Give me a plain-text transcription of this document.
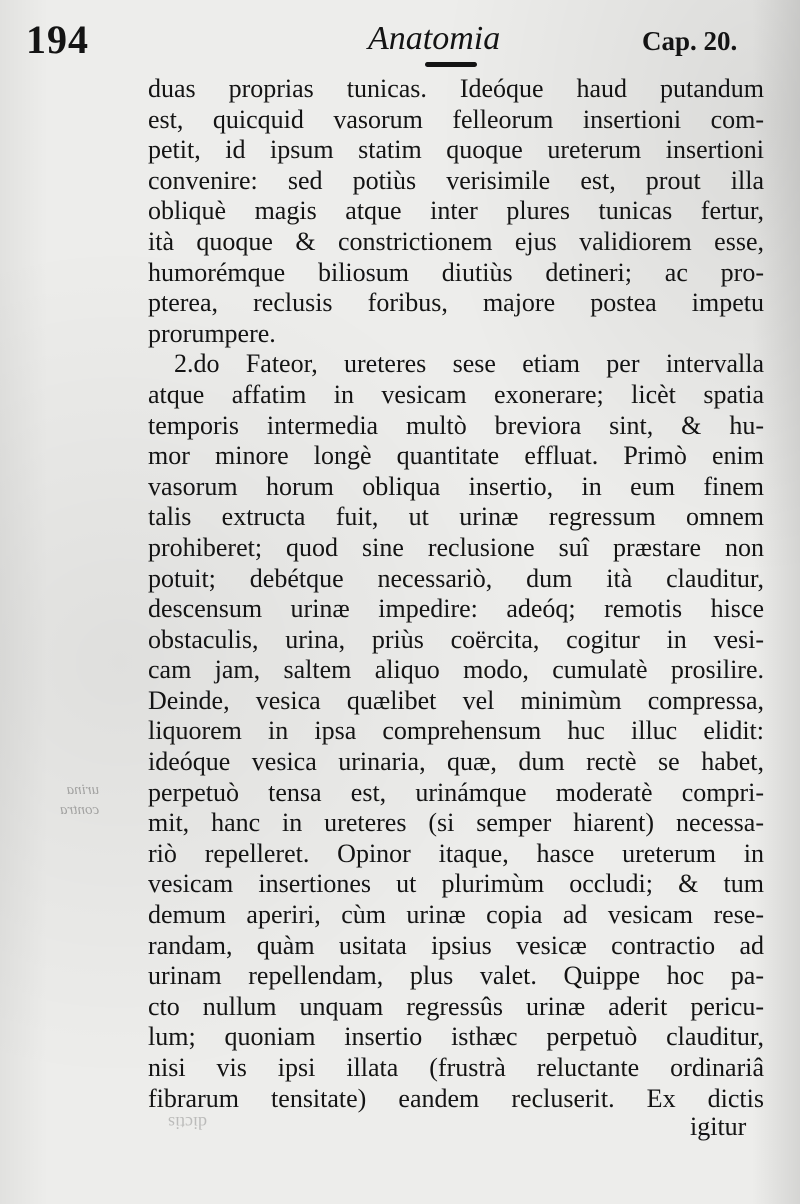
urina
contra
dictis
194	Anatomia	Cap. 20.
duas proprias tunicas. Ideóque haud putandum
est, quicquid vasorum felleorum insertioni com-
petit, id ipsum statim quoque ureterum insertioni
convenire: sed potiùs verisimile est, prout illa
obliquè magis atque inter plures tunicas fertur,
ità quoque & constrictionem ejus validiorem esse,
humorémque biliosum diutiùs detineri; ac pro-
pterea, reclusis foribus, majore postea impetu
prorumpere.
2.do Fateor, ureteres sese etiam per intervalla
atque affatim in vesicam exonerare; licèt spatia
temporis intermedia multò breviora sint, & hu-
mor minore longè quantitate effluat. Primò enim
vasorum horum obliqua insertio, in eum finem
talis extructa fuit, ut urinæ regressum omnem
prohiberet; quod sine reclusione suî præstare non
potuit; debétque necessariò, dum ità clauditur,
descensum urinæ impedire: adeóq; remotis hisce
obstaculis, urina, priùs coërcita, cogitur in vesi-
cam jam, saltem aliquo modo, cumulatè prosilire.
Deinde, vesica quælibet vel minimùm compressa,
liquorem in ipsa comprehensum huc illuc elidit:
ideóque vesica urinaria, quæ, dum rectè se habet,
perpetuò tensa est, urinámque moderatè compri-
mit, hanc in ureteres (si semper hiarent) necessa-
riò repelleret. Opinor itaque, hasce ureterum in
vesicam insertiones ut plurimùm occludi; & tum
demum aperiri, cùm urinæ copia ad vesicam rese-
randam, quàm usitata ipsius vesicæ contractio ad
urinam repellendam, plus valet. Quippe hoc pa-
cto nullum unquam regressûs urinæ aderit pericu-
lum; quoniam insertio isthæc perpetuò clauditur,
nisi vis ipsi illata (frustrà reluctante ordinariâ
fibrarum tensitate) eandem recluserit. Ex dictis
igitur
